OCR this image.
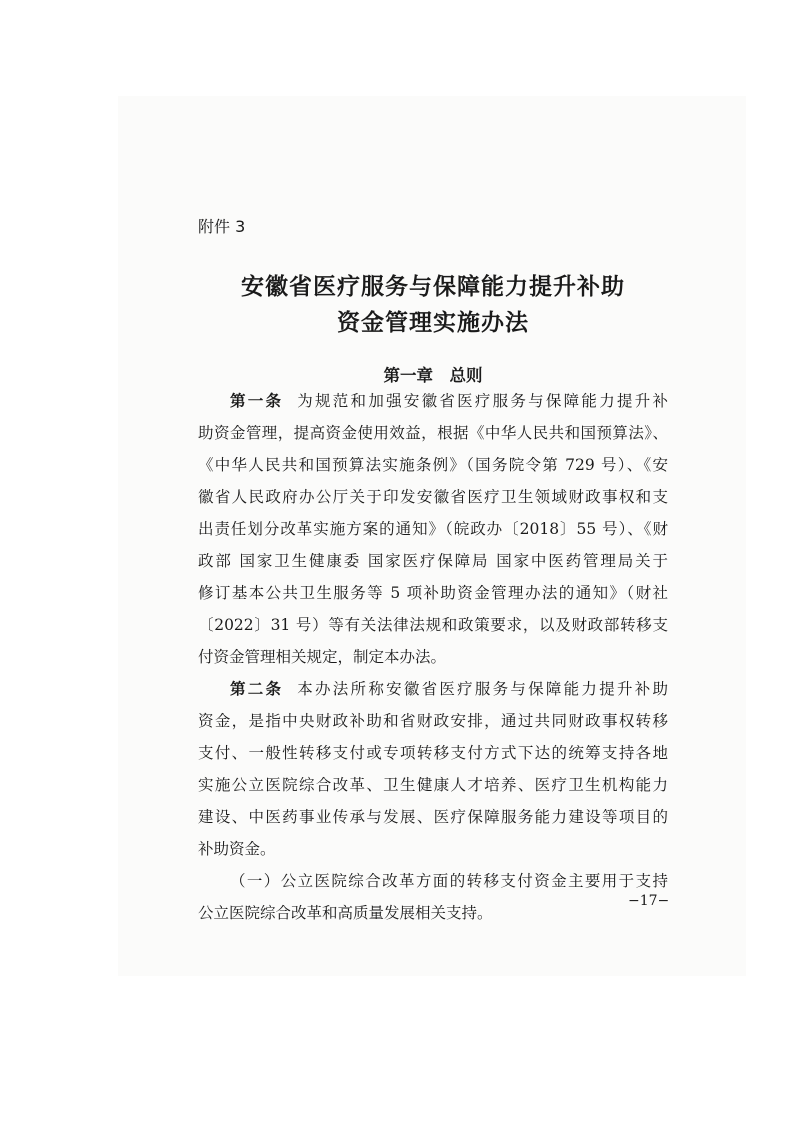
附件 3
安徽省医疗服务与保障能力提升补助
资金管理实施办法
第一章　总则
第一条 为规范和加强安徽省医疗服务与保障能力提升补
助资金管理，提高资金使用效益，根据《中华人民共和国预算法》、
《中华人民共和国预算法实施条例》（国务院令第 729 号）、《安
徽省人民政府办公厅关于印发安徽省医疗卫生领域财政事权和支
出责任划分改革实施方案的通知》（皖政办〔2018〕55 号）、《财
政部 国家卫生健康委 国家医疗保障局 国家中医药管理局关于
修订基本公共卫生服务等 5 项补助资金管理办法的通知》（财社
〔2022〕31 号）等有关法律法规和政策要求，以及财政部转移支
付资金管理相关规定，制定本办法。
第二条 本办法所称安徽省医疗服务与保障能力提升补助
资金，是指中央财政补助和省财政安排，通过共同财政事权转移
支付、一般性转移支付或专项转移支付方式下达的统筹支持各地
实施公立医院综合改革、卫生健康人才培养、医疗卫生机构能力
建设、中医药事业传承与发展、医疗保障服务能力建设等项目的
补助资金。
（一）公立医院综合改革方面的转移支付资金主要用于支持
公立医院综合改革和高质量发展相关支持。
−17−
